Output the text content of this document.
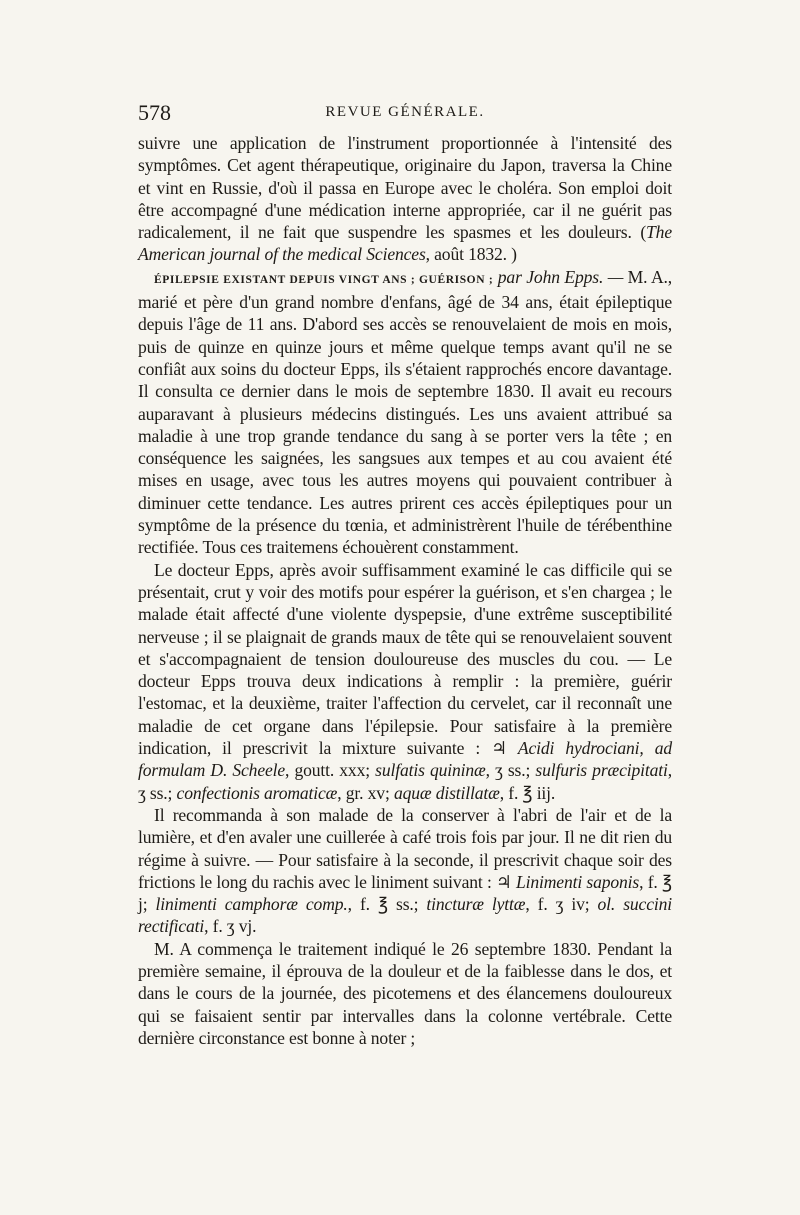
578	REVUE GÉNÉRALE.

suivre une application de l'instrument proportionnée à l'intensité des symptômes. Cet agent thérapeutique, originaire du Japon, traversa la Chine et vint en Russie, d'où il passa en Europe avec le choléra. Son emploi doit être accompagné d'une médication interne appropriée, car il ne guérit pas radicalement, il ne fait que suspendre les spasmes et les douleurs. (The American journal of the medical Sciences, août 1832. )

ÉPILEPSIE EXISTANT DEPUIS VINGT ANS ; GUÉRISON ; par John Epps. — M. A., marié et père d'un grand nombre d'enfans, âgé de 34 ans, était épileptique depuis l'âge de 11 ans. D'abord ses accès se renouvelaient de mois en mois, puis de quinze en quinze jours et même quelque temps avant qu'il ne se confiât aux soins du docteur Epps, ils s'étaient rapprochés encore davantage. Il consulta ce dernier dans le mois de septembre 1830. Il avait eu recours auparavant à plusieurs médecins distingués. Les uns avaient attribué sa maladie à une trop grande tendance du sang à se porter vers la tête ; en conséquence les saignées, les sangsues aux tempes et au cou avaient été mises en usage, avec tous les autres moyens qui pouvaient contribuer à diminuer cette tendance. Les autres prirent ces accès épileptiques pour un symptôme de la présence du tœnia, et administrèrent l'huile de térébenthine rectifiée. Tous ces traitemens échouèrent constamment.

Le docteur Epps, après avoir suffisamment examiné le cas difficile qui se présentait, crut y voir des motifs pour espérer la guérison, et s'en chargea ; le malade était affecté d'une violente dyspepsie, d'une extrême susceptibilité nerveuse ; il se plaignait de grands maux de tête qui se renouvelaient souvent et s'accompagnaient de tension douloureuse des muscles du cou. — Le docteur Epps trouva deux indications à remplir : la première, guérir l'estomac, et la deuxième, traiter l'affection du cervelet, car il reconnaît une maladie de cet organe dans l'épilepsie. Pour satisfaire à la première indication, il prescrivit la mixture suivante : ♃ Acidi hydrociani, ad formulam D. Scheele, goutt. xxx; sulfatis quininæ, ʒ ss.; sulfuris præcipitati, ʒ ss.; confectionis aromaticæ, gr. xv; aquæ distillatæ, f. ℥ iij.

Il recommanda à son malade de la conserver à l'abri de l'air et de la lumière, et d'en avaler une cuillerée à café trois fois par jour. Il ne dit rien du régime à suivre. — Pour satisfaire à la seconde, il prescrivit chaque soir des frictions le long du rachis avec le liniment suivant : ♃ Linimenti saponis, f. ℥ j; linimenti camphoræ comp., f. ℥ ss.; tincturæ lyttæ, f. ʒ iv; ol. succini rectificati, f. ʒ vj.

M. A commença le traitement indiqué le 26 septembre 1830. Pendant la première semaine, il éprouva de la douleur et de la faiblesse dans le dos, et dans le cours de la journée, des picotemens et des élancemens douloureux qui se faisaient sentir par intervalles dans la colonne vertébrale. Cette dernière circonstance est bonne à noter ;
